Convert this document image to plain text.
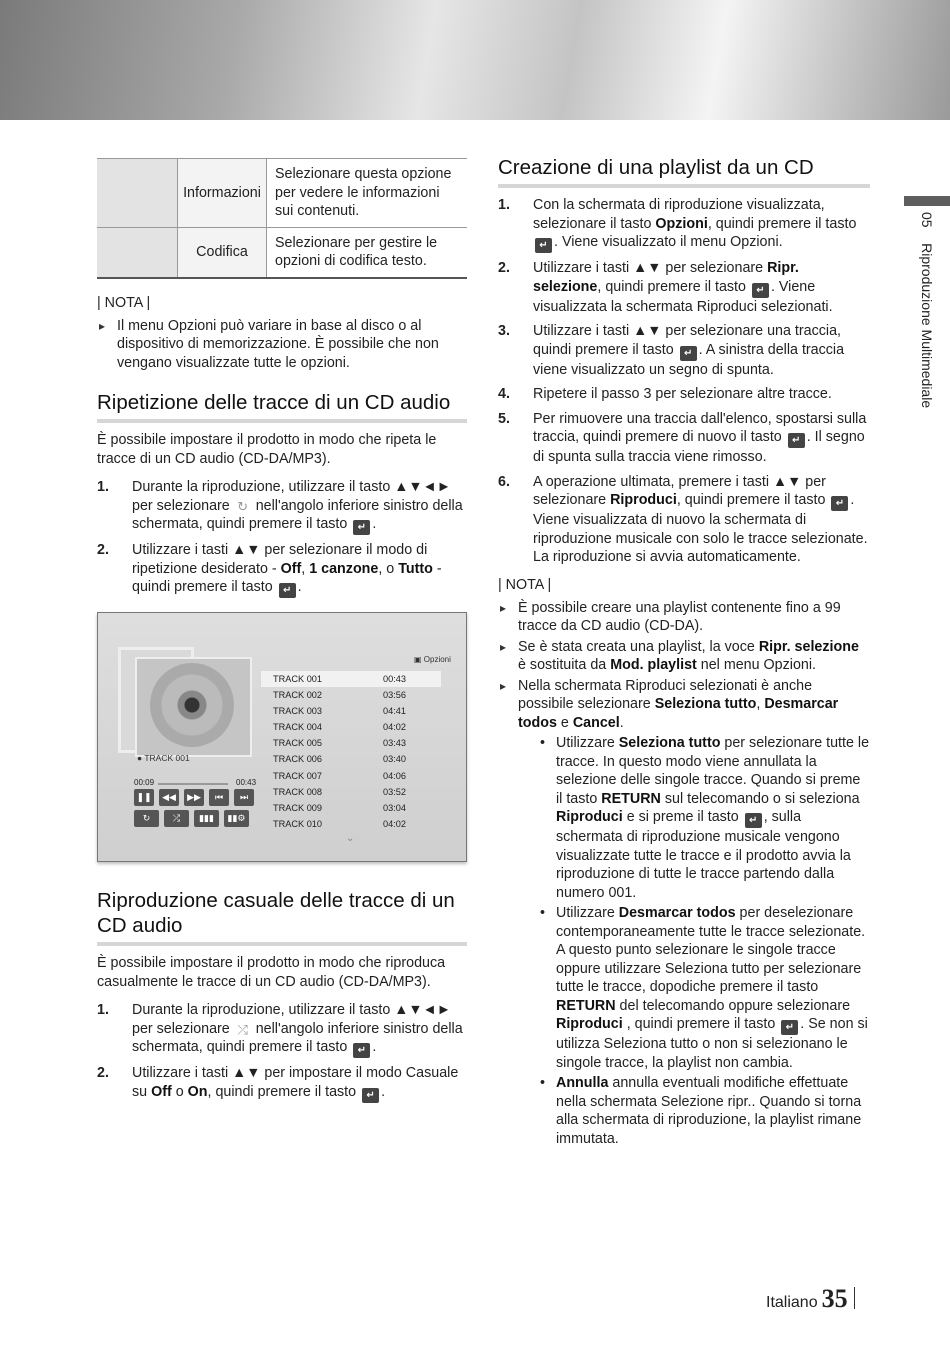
	Informazioni	Selezionare questa opzione per vedere le informazioni sui contenuti.
	Codifica	Selezionare per gestire le opzioni di codifica testo.
| NOTA |
▸ Il menu Opzioni può variare in base al disco o al dispositivo di memorizzazione. È possibile che non vengano visualizzate tutte le opzioni.
Ripetizione delle tracce di un CD audio

È possibile impostare il prodotto in modo che ripeta le tracce di un CD audio (CD-DA/MP3).

1. Durante la riproduzione, utilizzare il tasto ▲▼◄► per selezionare ↻ nell'angolo inferiore sinistro della schermata, quindi premere il tasto ↵ .
2. Utilizzare i tasti ▲▼ per selezionare il modo di ripetizione desiderato - Off, 1 canzone, o Tutto - quindi premere il tasto ↵ .
● TRACK 001
00:09	00:43
❚❚	◀◀	▶▶	⏮	⏭
↻	⤮	▮▮▮	▮▮⚙
▣ Opzioni
TRACK 001	00:43
TRACK 002	03:56
TRACK 003	04:41
TRACK 004	04:02
TRACK 005	03:43
TRACK 006	03:40
TRACK 007	04:06
TRACK 008	03:52
TRACK 009	03:04
TRACK 010	04:02
⌄
Riproduzione casuale delle tracce di un CD audio

È possibile impostare il prodotto in modo che riproduca casualmente le tracce di un CD audio (CD-DA/MP3).

1. Durante la riproduzione, utilizzare il tasto ▲▼◄► per selezionare ⤮ nell'angolo inferiore sinistro della schermata, quindi premere il tasto ↵ .
2. Utilizzare i tasti ▲▼ per impostare il modo Casuale su Off o On, quindi premere il tasto ↵ .
Creazione di una playlist da un CD
1. Con la schermata di riproduzione visualizzata, selezionare il tasto Opzioni, quindi premere il tasto ↵ . Viene visualizzato il menu Opzioni.
2. Utilizzare i tasti ▲▼ per selezionare Ripr. selezione, quindi premere il tasto ↵ . Viene visualizzata la schermata Riproduci selezionati.
3. Utilizzare i tasti ▲▼ per selezionare una traccia, quindi premere il tasto ↵ . A sinistra della traccia viene visualizzato un segno di spunta.
4. Ripetere il passo 3 per selezionare altre tracce.
5. Per rimuovere una traccia dall'elenco, spostarsi sulla traccia, quindi premere di nuovo il tasto ↵ . Il segno di spunta sulla traccia viene rimosso.
6. A operazione ultimata, premere i tasti ▲▼ per selezionare Riproduci, quindi premere il tasto ↵ . Viene visualizzata di nuovo la schermata di riproduzione musicale con solo le tracce selezionate. La riproduzione si avvia automaticamente.
| NOTA |
▸ È possibile creare una playlist contenente fino a 99 tracce da CD audio (CD-DA).
▸ Se è stata creata una playlist, la voce Ripr. selezione è sostituita da Mod. playlist nel menu Opzioni.
▸ Nella schermata Riproduci selezionati è anche possibile selezionare Seleziona tutto, Desmarcar todos e Cancel.
• Utilizzare Seleziona tutto per selezionare tutte le tracce. In questo modo viene annullata la selezione delle singole tracce. Quando si preme il tasto RETURN sul telecomando o si seleziona Riproduci e si preme il tasto ↵ , sulla schermata di riproduzione musicale vengono visualizzate tutte le tracce e il prodotto avvia la riproduzione di tutte le tracce partendo dalla numero 001.
• Utilizzare Desmarcar todos per deselezionare contemporaneamente tutte le tracce selezionate. A questo punto selezionare le singole tracce oppure utilizzare Seleziona tutto per selezionare tutte le tracce, dopodiche premere il tasto RETURN del telecomando oppure selezionare Riproduci , quindi premere il tasto ↵ . Se non si utilizza Seleziona tutto o non si selezionano le singole tracce, la playlist non cambia.
• Annulla annulla eventuali modifiche effettuate nella schermata Selezione ripr.. Quando si torna alla schermata di riproduzione, la playlist rimane immutata.
05    Riproduzione Multimediale
Italiano 35
